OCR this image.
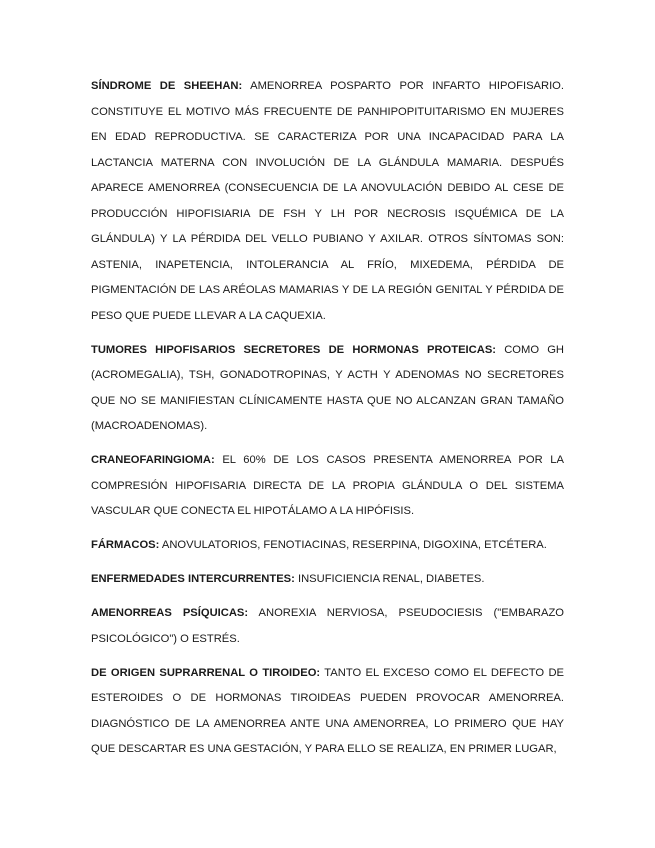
SÍNDROME DE SHEEHAN: AMENORREA POSPARTO POR INFARTO HIPOFISARIO. CONSTITUYE EL MOTIVO MÁS FRECUENTE DE PANHIPOPITUITARISMO EN MUJERES EN EDAD REPRODUCTIVA. SE CARACTERIZA POR UNA INCAPACIDAD PARA LA LACTANCIA MATERNA CON INVOLUCIÓN DE LA GLÁNDULA MAMARIA. DESPUÉS APARECE AMENORREA (CONSECUENCIA DE LA ANOVULACIÓN DEBIDO AL CESE DE PRODUCCIÓN HIPOFISIARIA DE FSH Y LH POR NECROSIS ISQUÉMICA DE LA GLÁNDULA) Y LA PÉRDIDA DEL VELLO PUBIANO Y AXILAR. OTROS SÍNTOMAS SON: ASTENIA, INAPETENCIA, INTOLERANCIA AL FRÍO, MIXEDEMA, PÉRDIDA DE PIGMENTACIÓN DE LAS ARÉOLAS MAMARIAS Y DE LA REGIÓN GENITAL Y PÉRDIDA DE PESO QUE PUEDE LLEVAR A LA CAQUEXIA.

TUMORES HIPOFISARIOS SECRETORES DE HORMONAS PROTEICAS: COMO GH (ACROMEGALIA), TSH, GONADOTROPINAS, Y ACTH Y ADENOMAS NO SECRETORES QUE NO SE MANIFIESTAN CLÍNICAMENTE HASTA QUE NO ALCANZAN GRAN TAMAÑO (MACROADENOMAS).

CRANEOFARINGIOMA: EL 60% DE LOS CASOS PRESENTA AMENORREA POR LA COMPRESIÓN HIPOFISARIA DIRECTA DE LA PROPIA GLÁNDULA O DEL SISTEMA VASCULAR QUE CONECTA EL HIPOTÁLAMO A LA HIPÓFISIS.

FÁRMACOS: ANOVULATORIOS, FENOTIACINAS, RESERPINA, DIGOXINA, ETCÉTERA.

ENFERMEDADES INTERCURRENTES: INSUFICIENCIA RENAL, DIABETES.

AMENORREAS PSÍQUICAS: ANOREXIA NERVIOSA, PSEUDOCIESIS ("EMBARAZO PSICOLÓGICO") O ESTRÉS.

DE ORIGEN SUPRARRENAL O TIROIDEO: TANTO EL EXCESO COMO EL DEFECTO DE ESTEROIDES O DE HORMONAS TIROIDEAS PUEDEN PROVOCAR AMENORREA. DIAGNÓSTICO DE LA AMENORREA ANTE UNA AMENORREA, LO PRIMERO QUE HAY QUE DESCARTAR ES UNA GESTACIÓN, Y PARA ELLO SE REALIZA, EN PRIMER LUGAR,
